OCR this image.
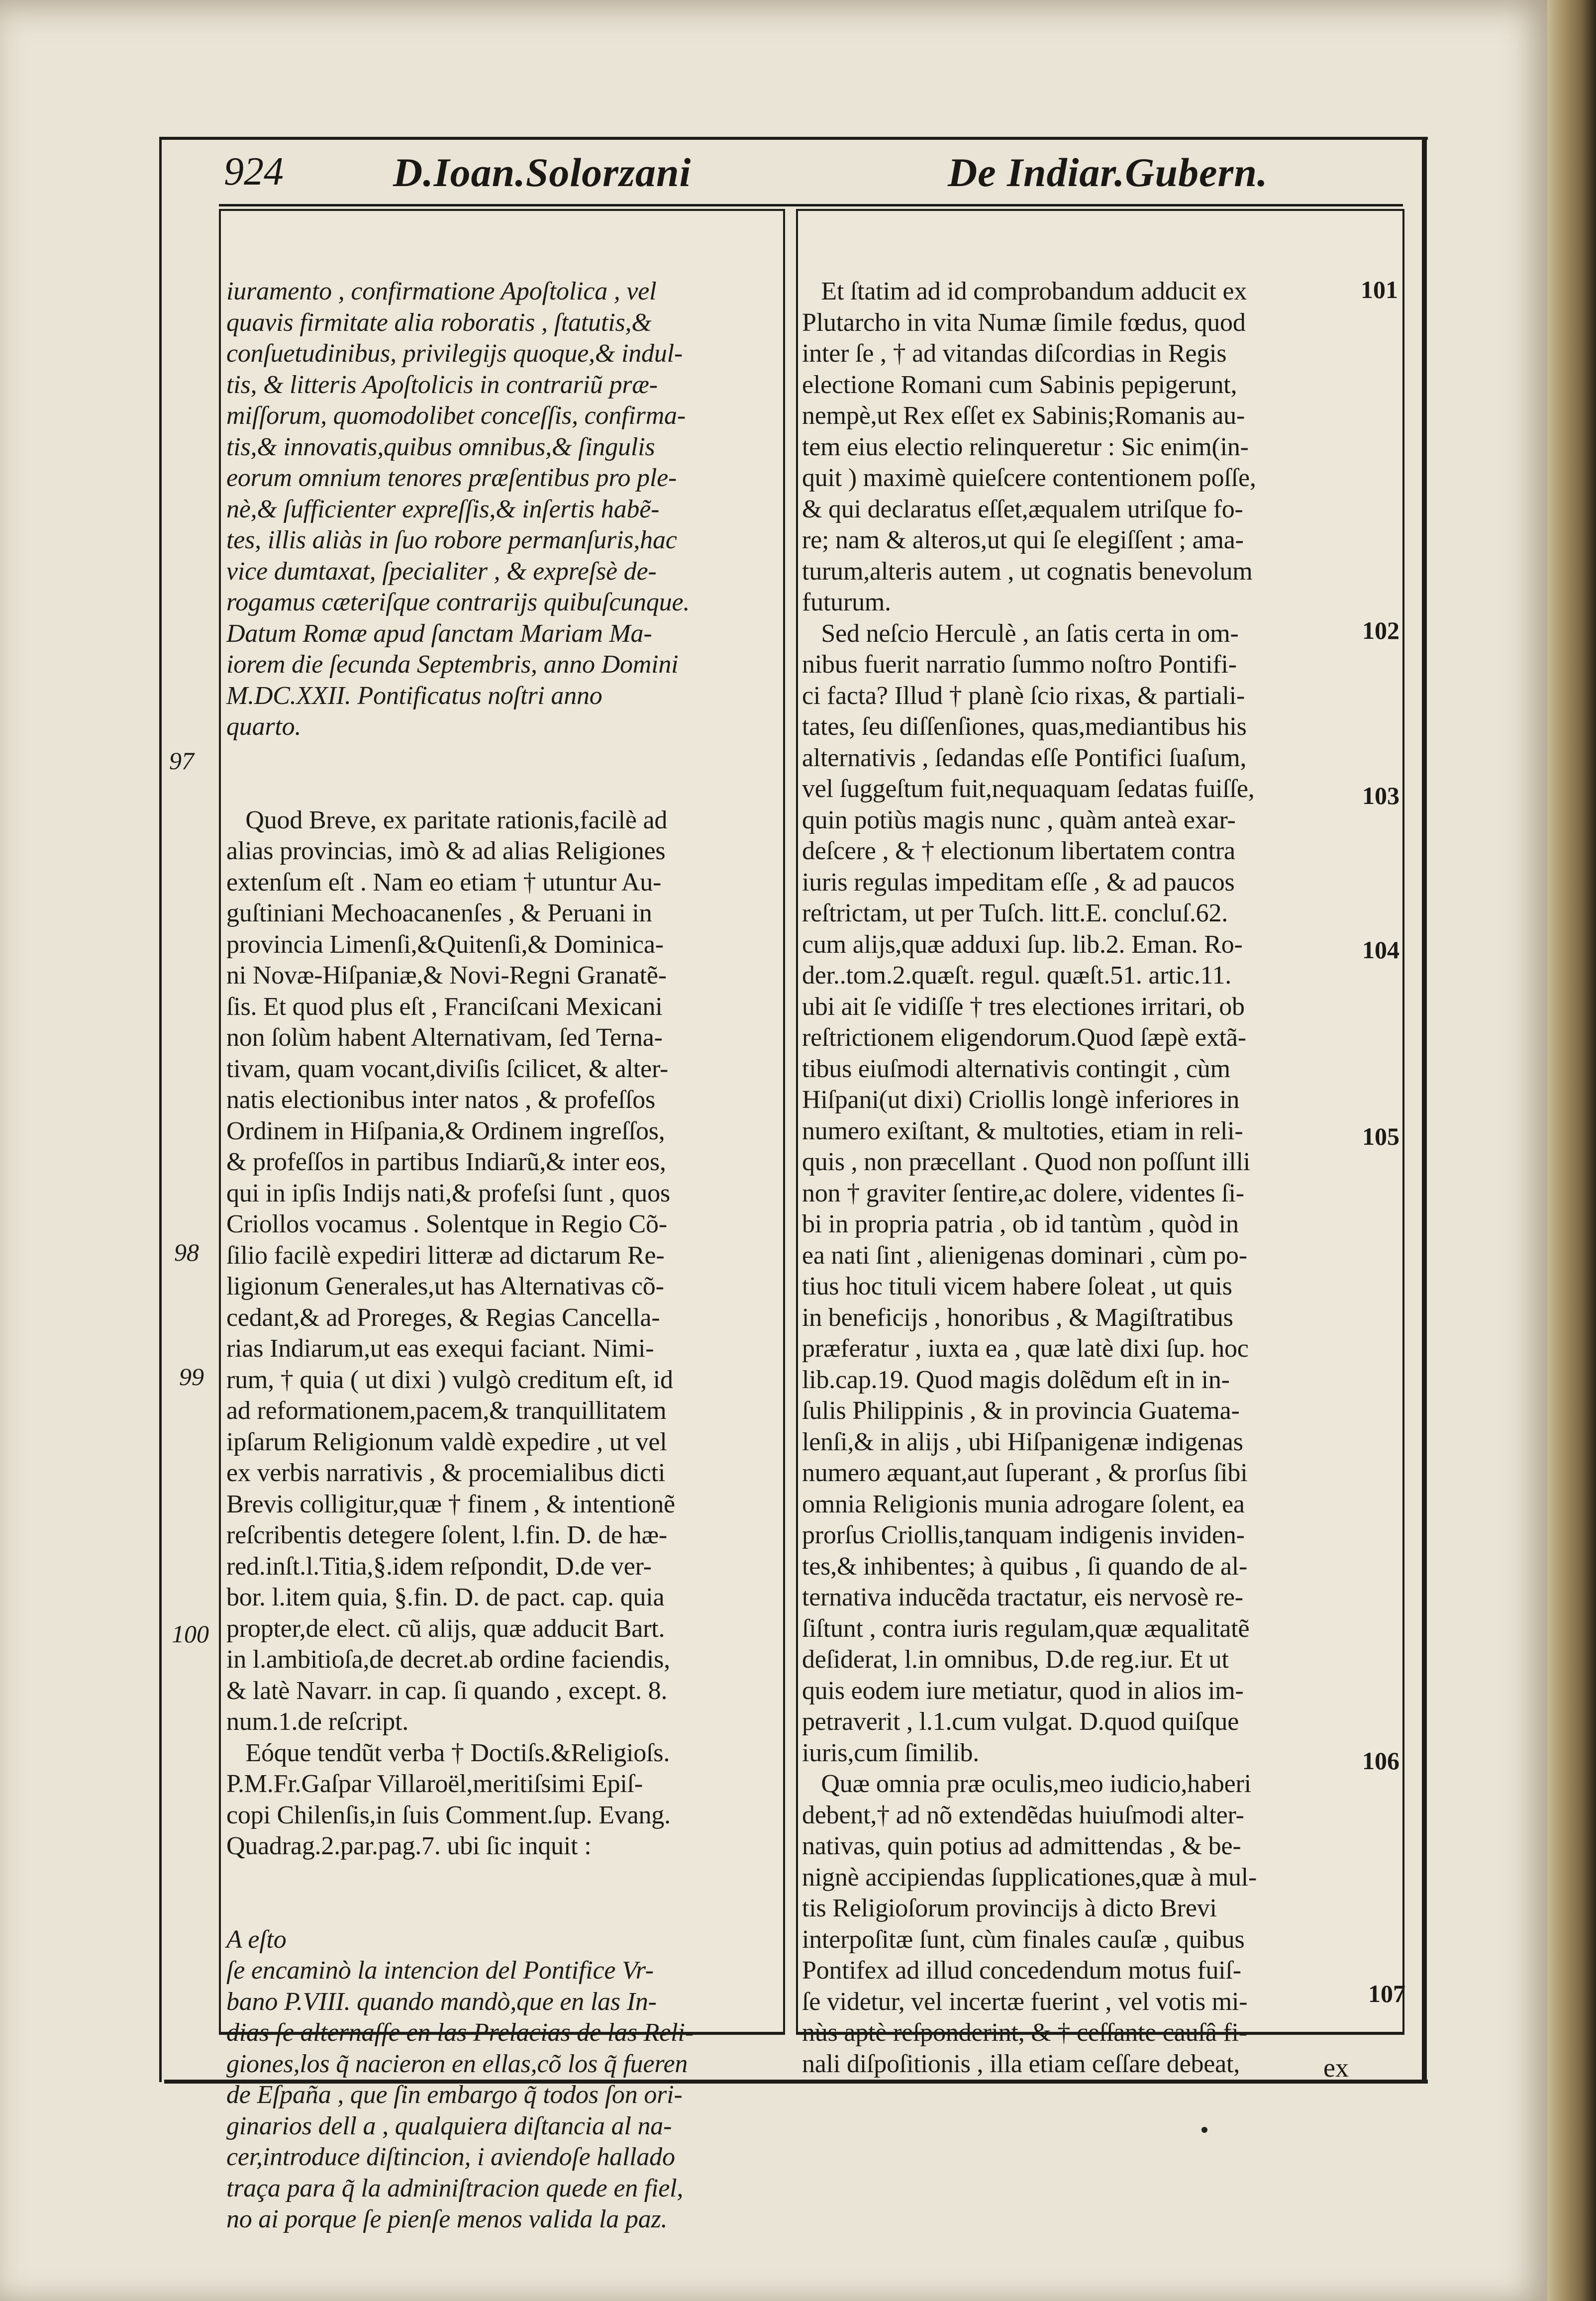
924	D.Ioan.Solorzani	De Indiar.Gubern.

iuramento , confirmatione Apoſtolica , vel
quavis firmitate alia roboratis , ſtatutis,&
conſuetudinibus, privilegijs quoque,& indul-
tis, & litteris Apoſtolicis in contrariũ præ-
miſſorum, quomodolibet conceſſis, confirma-
tis,& innovatis,quibus omnibus,& ſingulis
eorum omnium tenores præſentibus pro ple-
nè,& ſufficienter expreſſis,& inſertis habẽ-
tes, illis aliàs in ſuo robore permanſuris,hac
vice dumtaxat, ſpecialiter , & expreſsè de-
rogamus cæteriſque contrarijs quibuſcunque.
Datum Romæ apud ſanctam Mariam Ma-
iorem die ſecunda Septembris, anno Domini
M.DC.XXII. Pontificatus noſtri anno
quarto.

Quod Breve, ex paritate rationis,facilè ad
alias provincias, imò & ad alias Religiones
extenſum eſt . Nam eo etiam † utuntur Au-
guſtiniani Mechoacanenſes , & Peruani in
provincia Limenſi,&Quitenſi,& Dominica-
ni Novæ-Hiſpaniæ,& Novi-Regni Granatẽ-
ſis. Et quod plus eſt , Franciſcani Mexicani
non ſolùm habent Alternativam, ſed Terna-
tivam, quam vocant,diviſis ſcilicet, & alter-
natis electionibus inter natos , & profeſſos
Ordinem in Hiſpania,& Ordinem ingreſſos,
& profeſſos in partibus Indiarũ,& inter eos,
qui in ipſis Indijs nati,& profeſsi ſunt , quos
Criollos vocamus . Solentque in Regio Cõ-
ſilio facilè expediri litteræ ad dictarum Re-
ligionum Generales,ut has Alternativas cõ-
cedant,& ad Proreges, & Regias Cancella-
rias Indiarum,ut eas exequi faciant. Nimi-
rum, † quia ( ut dixi ) vulgò creditum eſt, id
ad reformationem,pacem,& tranquillitatem
ipſarum Religionum valdè expedire , ut vel
ex verbis narrativis , & procemialibus dicti
Brevis colligitur,quæ † finem , & intentionẽ
reſcribentis detegere ſolent, l.fin. D. de hæ-
red.inſt.l.Titia,§.idem reſpondit, D.de ver-
bor. l.item quia, §.fin. D. de pact. cap. quia
propter,de elect. cũ alijs, quæ adducit Bart.
in l.ambitioſa,de decret.ab ordine faciendis,
& latè Navarr. in cap. ſi quando , except. 8.
num.1.de reſcript.
Eóque tendũt verba † Doctiſs.&Religioſs.
P.M.Fr.Gaſpar Villaroël,meritiſsimi Epiſ-
copi Chilenſis,in ſuis Comment.ſup. Evang.
Quadrag.2.par.pag.7. ubi ſic inquit :

A eſto
ſe encaminò la intencion del Pontifice Vr-
bano P.VIII. quando mandò,que en las In-
dias ſe alternaſſe en las Prelacias de las Reli-
giones,los q̃ nacieron en ellas,cõ los q̃ fueren
de Eſpaña , que ſin embargo q̃ todos ſon ori-
ginarios dell a , qualquiera diſtancia al na-
cer,introduce diſtincion, i aviendoſe hallado
traça para q̃ la adminiſtracion quede en fiel,
no ai porque ſe pienſe menos valida la paz.

Et ſtatim ad id comprobandum adducit ex
Plutarcho in vita Numæ ſimile fœdus, quod
inter ſe , † ad vitandas diſcordias in Regis
electione Romani cum Sabinis pepigerunt,
nempè,ut Rex eſſet ex Sabinis;Romanis au-
tem eius electio relinqueretur : Sic enim(in-
quit ) maximè quieſcere contentionem poſſe,
& qui declaratus eſſet,æqualem utriſque fo-
re; nam & alteros,ut qui ſe elegiſſent ; ama-
turum,alteris autem , ut cognatis benevolum
futurum.
Sed neſcio Herculè , an ſatis certa in om-
nibus fuerit narratio ſummo noſtro Pontifi-
ci facta? Illud † planè ſcio rixas, & partiali-
tates, ſeu diſſenſiones, quas,mediantibus his
alternativis , ſedandas eſſe Pontifici ſuaſum,
vel ſuggeſtum fuit,nequaquam ſedatas fuiſſe,
quin potiùs magis nunc , quàm anteà exar-
deſcere , & † electionum libertatem contra
iuris regulas impeditam eſſe , & ad paucos
reſtrictam, ut per Tuſch. litt.E. concluſ.62.
cum alijs,quæ adduxi ſup. lib.2. Eman. Ro-
der..tom.2.quæſt. regul. quæſt.51. artic.11.
ubi ait ſe vidiſſe † tres electiones irritari, ob
reſtrictionem eligendorum.Quod ſæpè extã-
tibus eiuſmodi alternativis contingit , cùm
Hiſpani(ut dixi) Criollis longè inferiores in
numero exiſtant, & multoties, etiam in reli-
quis , non præcellant . Quod non poſſunt illi
non † graviter ſentire,ac dolere, videntes ſi-
bi in propria patria , ob id tantùm , quòd in
ea nati ſint , alienigenas dominari , cùm po-
tius hoc tituli vicem habere ſoleat , ut quis
in beneficijs , honoribus , & Magiſtratibus
præferatur , iuxta ea , quæ latè dixi ſup. hoc
lib.cap.19. Quod magis dolẽdum eſt in in-
ſulis Philippinis , & in provincia Guatema-
lenſi,& in alijs , ubi Hiſpanigenæ indigenas
numero æquant,aut ſuperant , & prorſus ſibi
omnia Religionis munia adrogare ſolent, ea
prorſus Criollis,tanquam indigenis inviden-
tes,& inhibentes; à quibus , ſi quando de al-
ternativa inducẽda tractatur, eis nervosè re-
ſiſtunt , contra iuris regulam,quæ æqualitatẽ
deſiderat, l.in omnibus, D.de reg.iur. Et ut
quis eodem iure metiatur, quod in alios im-
petraverit , l.1.cum vulgat. D.quod quiſque
iuris,cum ſimilib.
Quæ omnia præ oculis,meo iudicio,haberi
debent,† ad nõ extendẽdas huiuſmodi alter-
nativas, quin potius ad admittendas , & be-
nignè accipiendas ſupplicationes,quæ à mul-
tis Religioſorum provincijs à dicto Brevi
interpoſitæ ſunt, cùm finales cauſæ , quibus
Pontifex ad illud concedendum motus fuiſ-
ſe videtur, vel incertæ fuerint , vel votis mi-
nùs aptè reſponderint, & † ceſſante cauſâ fi-
nali diſpoſitionis , illa etiam ceſſare debeat,

97
98
99
100
101
102
103
104
105
106
107
ex
